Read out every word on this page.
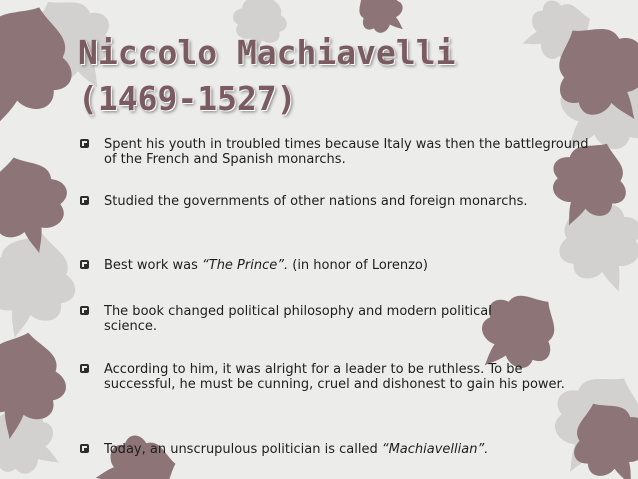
Niccolo Machiavelli
(1469-1527)
Spent his youth in troubled times because Italy was then the battleground of the French and Spanish monarchs.
Studied the governments of other nations and foreign monarchs.
Best work was “The Prince”. (in honor of Lorenzo)
The book changed political philosophy and modern political science.
According to him, it was alright for a leader to be ruthless. To be successful, he must be cunning, cruel and dishonest to gain his power.
Today, an unscrupulous politician is called “Machiavellian”.
